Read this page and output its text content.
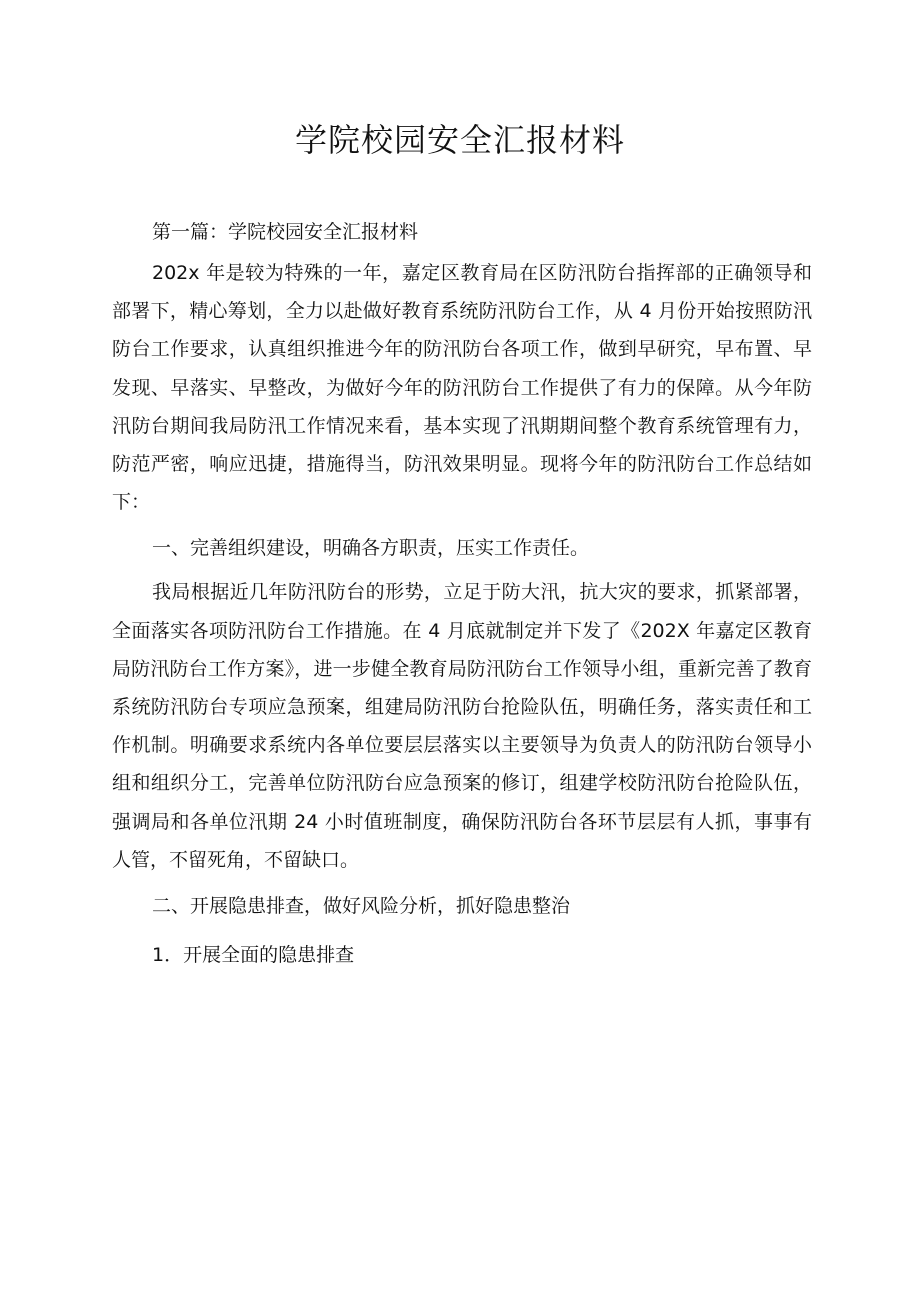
学院校园安全汇报材料

第一篇：学院校园安全汇报材料

202x 年是较为特殊的一年，嘉定区教育局在区防汛防台指挥部的正确领导和部署下，精心筹划，全力以赴做好教育系统防汛防台工作，从 4 月份开始按照防汛防台工作要求，认真组织推进今年的防汛防台各项工作，做到早研究，早布置、早发现、早落实、早整改，为做好今年的防汛防台工作提供了有力的保障。从今年防汛防台期间我局防汛工作情况来看，基本实现了汛期期间整个教育系统管理有力，防范严密，响应迅捷，措施得当，防汛效果明显。现将今年的防汛防台工作总结如下：

一、完善组织建设，明确各方职责，压实工作责任。

我局根据近几年防汛防台的形势，立足于防大汛，抗大灾的要求，抓紧部署，全面落实各项防汛防台工作措施。在 4 月底就制定并下发了《202X 年嘉定区教育局防汛防台工作方案》，进一步健全教育局防汛防台工作领导小组，重新完善了教育系统防汛防台专项应急预案，组建局防汛防台抢险队伍，明确任务，落实责任和工作机制。明确要求系统内各单位要层层落实以主要领导为负责人的防汛防台领导小组和组织分工，完善单位防汛防台应急预案的修订，组建学校防汛防台抢险队伍，强调局和各单位汛期 24 小时值班制度，确保防汛防台各环节层层有人抓，事事有人管，不留死角，不留缺口。

二、开展隐患排查，做好风险分析，抓好隐患整治

1．开展全面的隐患排查
